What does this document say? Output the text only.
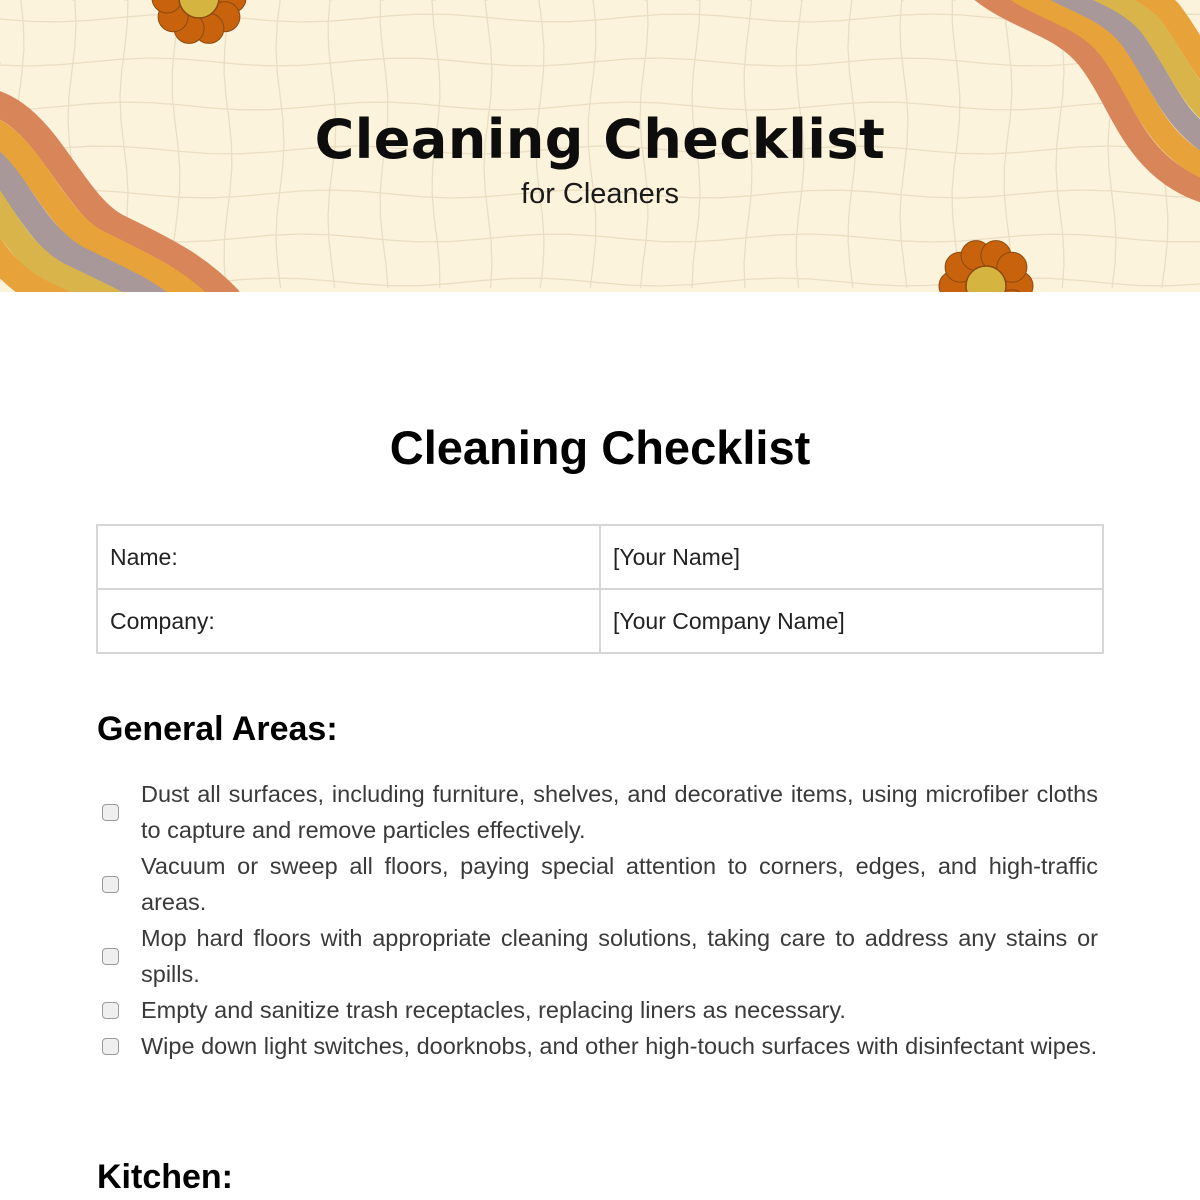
Cleaning Checklist

for Cleaners

Cleaning Checklist
Name:	[Your Name]
Company:	[Your Company Name]
General Areas:
Dust all surfaces, including furniture, shelves, and decorative items, using microfiber cloths to capture and remove particles effectively.
Vacuum or sweep all floors, paying special attention to corners, edges, and high-traffic areas.
Mop hard floors with appropriate cleaning solutions, taking care to address any stains or spills.
Empty and sanitize trash receptacles, replacing liners as necessary.
Wipe down light switches, doorknobs, and other high-touch surfaces with disinfectant wipes.
Kitchen:
